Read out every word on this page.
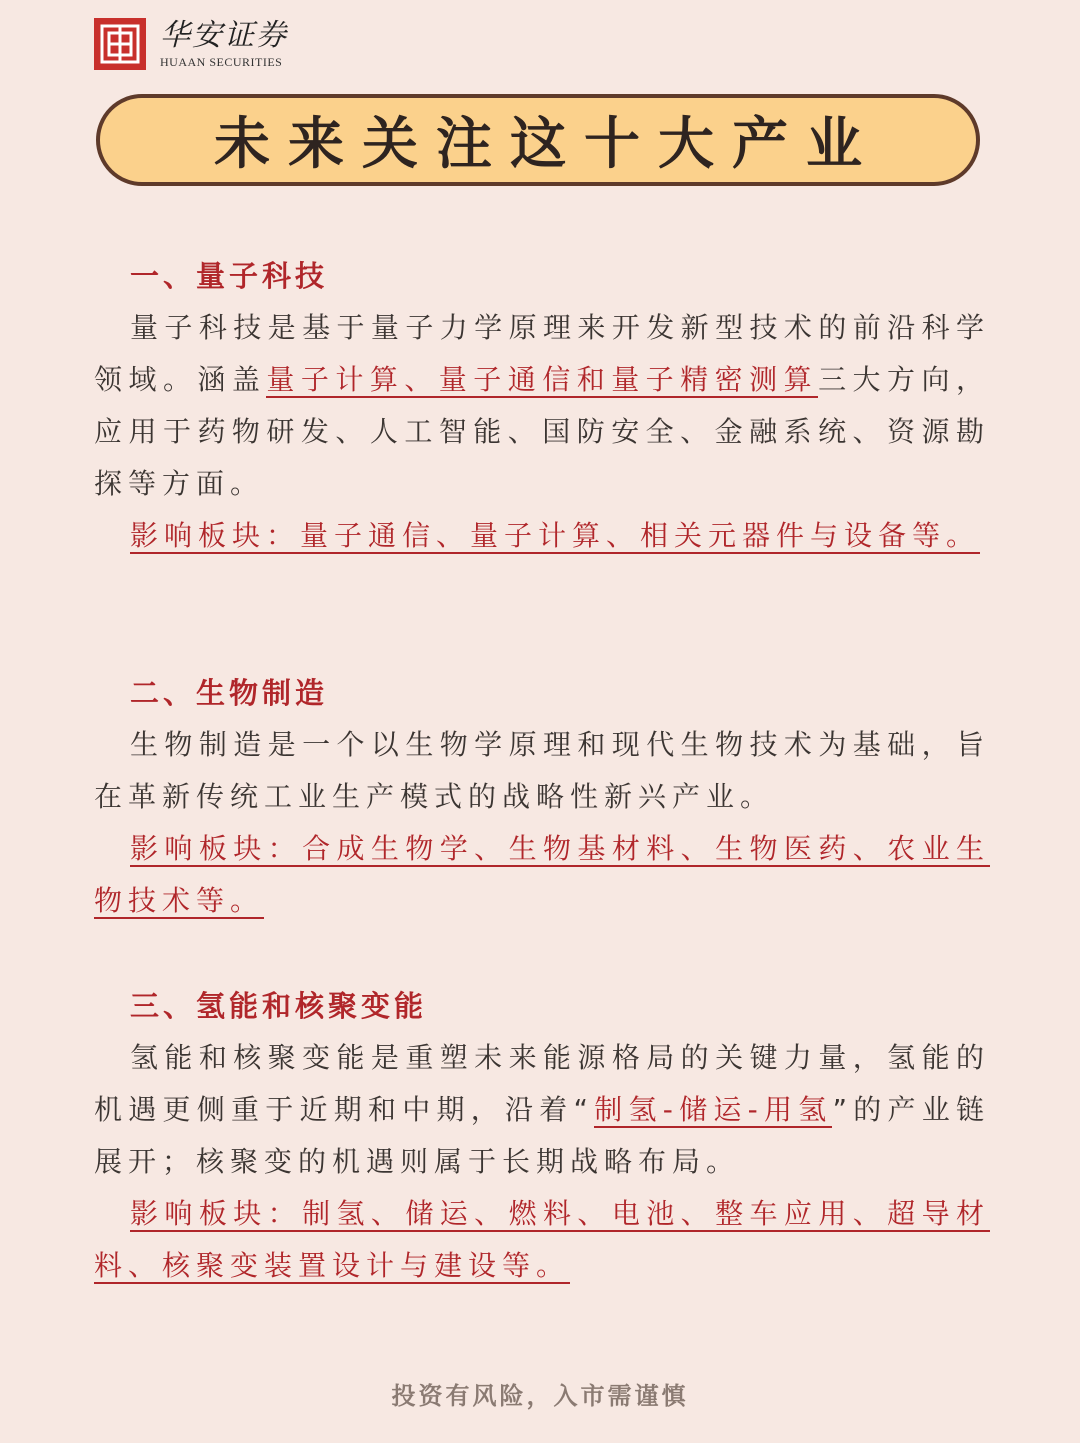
华安证券
HUAAN SECURITIES
未来关注这十大产业
一、量子科技

量子科技是基于量子力学原理来开发新型技术的前沿科学领域。涵盖量子计算、量子通信和量子精密测算三大方向，应用于药物研发、人工智能、国防安全、金融系统、资源勘探等方面。

影响板块：量子通信、量子计算、相关元器件与设备等。

二、生物制造

生物制造是一个以生物学原理和现代生物技术为基础，旨在革新传统工业生产模式的战略性新兴产业。

影响板块：合成生物学、生物基材料、生物医药、农业生物技术等。

三、氢能和核聚变能

氢能和核聚变能是重塑未来能源格局的关键力量，氢能的机遇更侧重于近期和中期，沿着“制氢-储运-用氢”的产业链展开；核聚变的机遇则属于长期战略布局。

影响板块：制氢、储运、燃料、电池、整车应用、超导材料、核聚变装置设计与建设等。

投资有风险，入市需谨慎
